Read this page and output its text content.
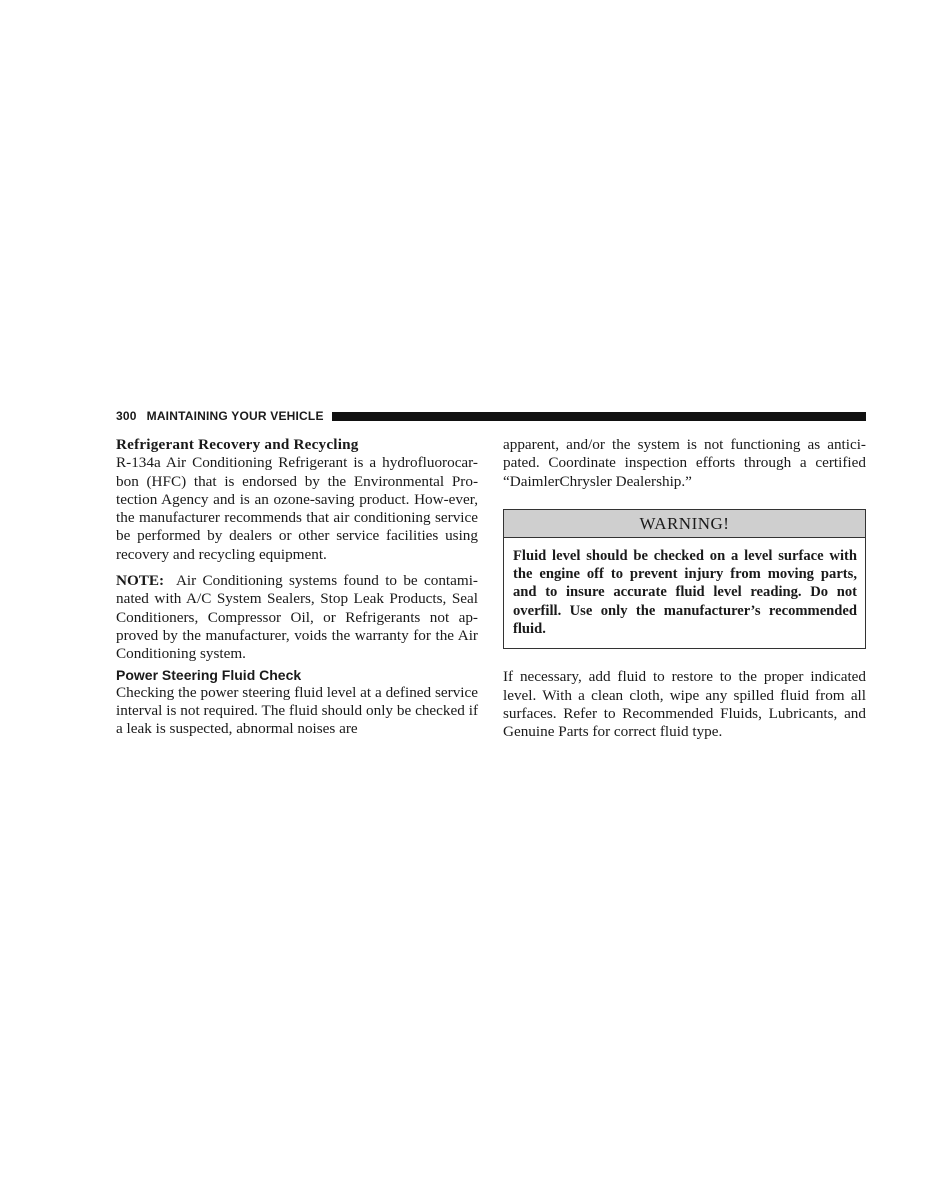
300 MAINTAINING YOUR VEHICLE
Refrigerant Recovery and Recycling

R-134a Air Conditioning Refrigerant is a hydrofluorocar-bon (HFC) that is endorsed by the Environmental Pro-tection Agency and is an ozone-saving product. How-ever, the manufacturer recommends that air conditioning service be performed by dealers or other service facilities using recovery and recycling equipment.

NOTE: Air Conditioning systems found to be contami-nated with A/C System Sealers, Stop Leak Products, Seal Conditioners, Compressor Oil, or Refrigerants not ap-proved by the manufacturer, voids the warranty for the Air Conditioning system.

Power Steering Fluid Check

Checking the power steering fluid level at a defined service interval is not required. The fluid should only be checked if a leak is suspected, abnormal noises are

apparent, and/or the system is not functioning as antici-pated. Coordinate inspection efforts through a certified “DaimlerChrysler Dealership.”

WARNING!

Fluid level should be checked on a level surface with the engine off to prevent injury from moving parts, and to insure accurate fluid level reading. Do not overfill. Use only the manufacturer’s recommended fluid.

If necessary, add fluid to restore to the proper indicated level. With a clean cloth, wipe any spilled fluid from all surfaces. Refer to Recommended Fluids, Lubricants, and Genuine Parts for correct fluid type.
